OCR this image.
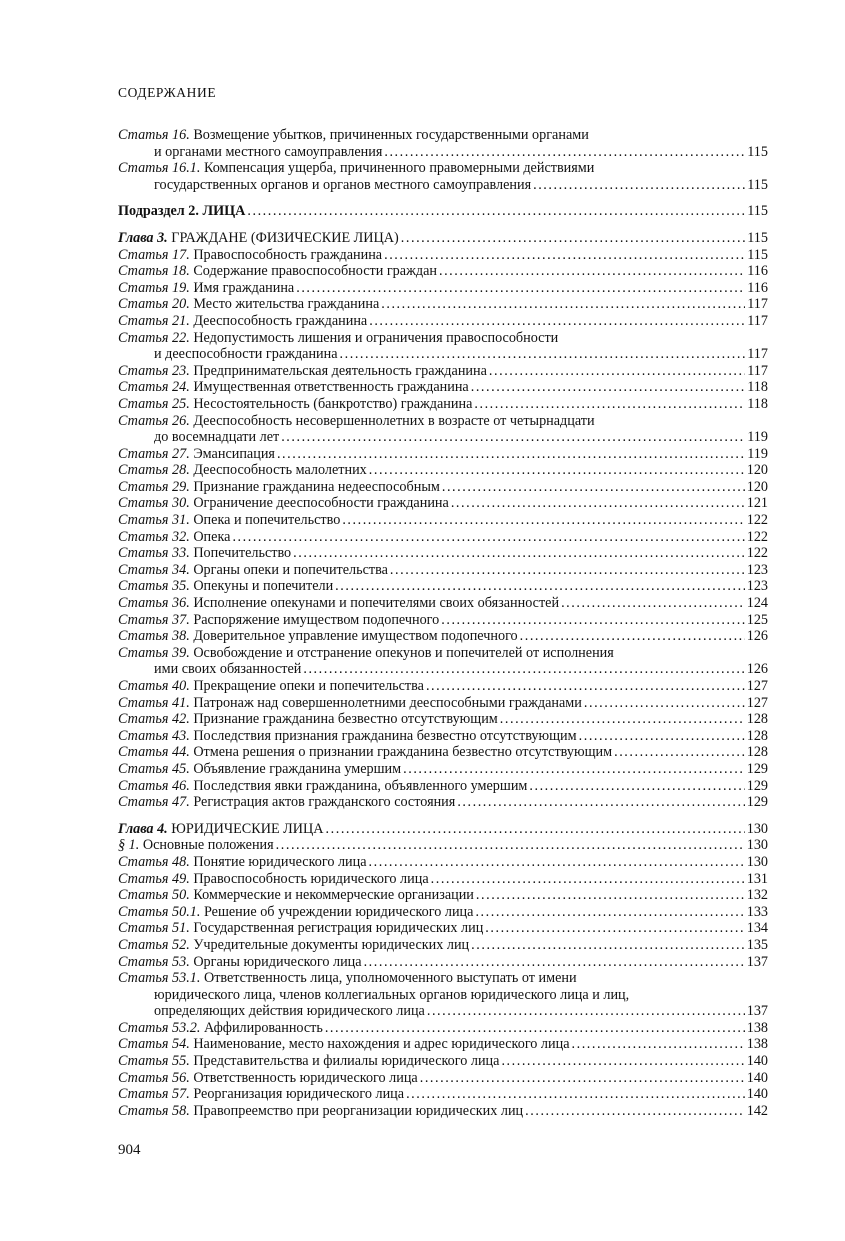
СОДЕРЖАНИЕ
Статья 16.
Возмещение убытков, причиненных государственными органами
и органами местного самоуправления . . .	115
Статья 16.1.
Компенсация ущерба, причиненного правомерными действиями
государственных органов и органов местного самоуправления . . .	115
Подраздел 2.
ЛИЦА . . .	115
Глава 3.
ГРАЖДАНЕ (ФИЗИЧЕСКИЕ ЛИЦА) . . .	115
Статья 17.
Правоспособность гражданина . . .	115
Статья 18.
Содержание правоспособности граждан . . .	116
Статья 19.
Имя гражданина . . .	116
Статья 20.
Место жительства гражданина . . .	117
Статья 21.
Дееспособность гражданина . . .	117
Статья 22.
Недопустимость лишения и ограничения правоспособности
и дееспособности гражданина . . .	117
Статья 23.
Предпринимательская деятельность гражданина . . .	117
Статья 24.
Имущественная ответственность гражданина . . .	118
Статья 25.
Несостоятельность (банкротство) гражданина . . .	118
Статья 26.
Дееспособность несовершеннолетних в возрасте от четырнадцати
до восемнадцати лет . . .	119
Статья 27.
Эмансипация . . .	119
Статья 28.
Дееспособность малолетних . . .	120
Статья 29.
Признание гражданина недееспособным . . .	120
Статья 30.
Ограничение дееспособности гражданина . . .	121
Статья 31.
Опека и попечительство . . .	122
Статья 32.
Опека . . .	122
Статья 33.
Попечительство . . .	122
Статья 34.
Органы опеки и попечительства . . .	123
Статья 35.
Опекуны и попечители . . .	123
Статья 36.
Исполнение опекунами и попечителями своих обязанностей . . .	124
Статья 37.
Распоряжение имуществом подопечного . . .	125
Статья 38.
Доверительное управление имуществом подопечного . . .	126
Статья 39.
Освобождение и отстранение опекунов и попечителей от исполнения
ими своих обязанностей . . .	126
Статья 40.
Прекращение опеки и попечительства . . .	127
Статья 41.
Патронаж над совершеннолетними дееспособными гражданами . . .	127
Статья 42.
Признание гражданина безвестно отсутствующим . . .	128
Статья 43.
Последствия признания гражданина безвестно отсутствующим . . .	128
Статья 44.
Отмена решения о признании гражданина безвестно отсутствующим . . .	128
Статья 45.
Объявление гражданина умершим . . .	129
Статья 46.
Последствия явки гражданина, объявленного умершим . . .	129
Статья 47.
Регистрация актов гражданского состояния . . .	129
Глава 4.
ЮРИДИЧЕСКИЕ ЛИЦА . . .	130
§ 1.
Основные положения . . .	130
Статья 48.
Понятие юридического лица . . .	130
Статья 49.
Правоспособность юридического лица . . .	131
Статья 50.
Коммерческие и некоммерческие организации . . .	132
Статья 50.1.
Решение об учреждении юридического лица . . .	133
Статья 51.
Государственная регистрация юридических лиц . . .	134
Статья 52.
Учредительные документы юридических лиц . . .	135
Статья 53.
Органы юридического лица . . .	137
Статья 53.1.
Ответственность лица, уполномоченного выступать от имени
юридического лица, членов коллегиальных органов юридического лица и лиц,
определяющих действия юридического лица . . .	137
Статья 53.2.
Аффилированность . . .	138
Статья 54.
Наименование, место нахождения и адрес юридического лица . . .	138
Статья 55.
Представительства и филиалы юридического лица . . .	140
Статья 56.
Ответственность юридического лица . . .	140
Статья 57.
Реорганизация юридического лица . . .	140
Статья 58.
Правопреемство при реорганизации юридических лиц . . .	142
904
